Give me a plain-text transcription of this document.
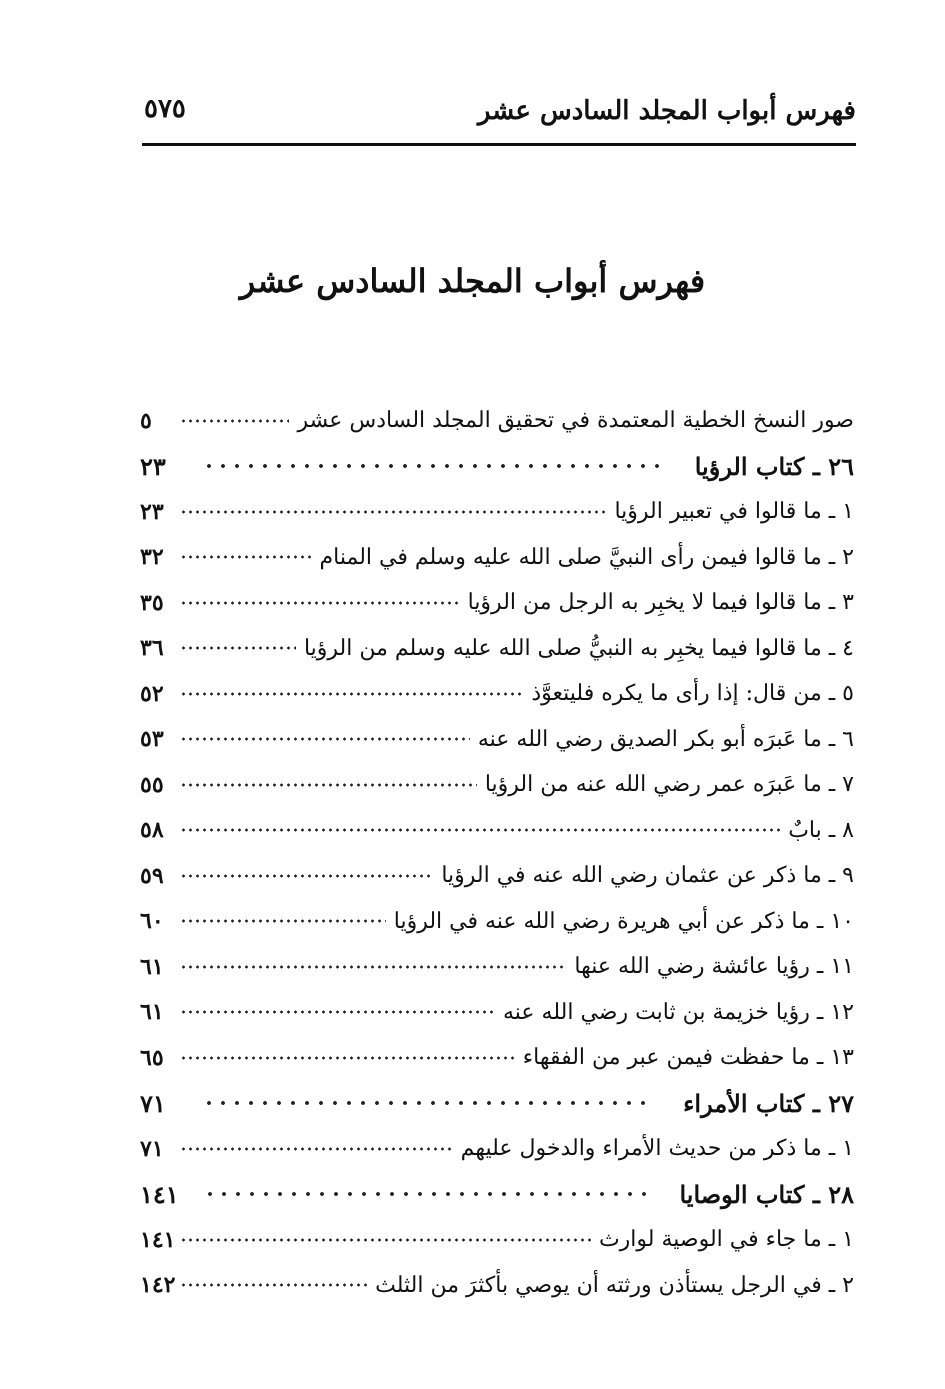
فهرس أبواب المجلد السادس عشر
٥٧٥
فهرس أبواب المجلد السادس عشر
صور النسخ الخطية المعتمدة في تحقيق المجلد السادس عشر
٥
٢٦ ـ كتاب الرؤيا
٢٣
١ ـ ما قالوا في تعبير الرؤيا
٢٣
٢ ـ ما قالوا فيمن رأى النبيَّ صلى الله عليه وسلم في المنام
٣٢
٣ ـ ما قالوا فيما لا يخبِر به الرجل من الرؤيا
٣٥
٤ ـ ما قالوا فيما يخبِر به النبيُّ صلى الله عليه وسلم من الرؤيا
٣٦
٥ ـ من قال: إذا رأى ما يكره فليتعوَّذ
٥٢
٦ ـ ما عَبرَه أبو بكر الصديق رضي الله عنه
٥٣
٧ ـ ما عَبرَه عمر رضي الله عنه من الرؤيا
٥٥
٨ ـ بابٌ
٥٨
٩ ـ ما ذكر عن عثمان رضي الله عنه في الرؤيا
٥٩
١٠ ـ ما ذكر عن أبي هريرة رضي الله عنه في الرؤيا
٦٠
١١ ـ رؤيا عائشة رضي الله عنها
٦١
١٢ ـ رؤيا خزيمة بن ثابت رضي الله عنه
٦١
١٣ ـ ما حفظت فيمن عبر من الفقهاء
٦٥
٢٧ ـ كتاب الأمراء
٧١
١ ـ ما ذكر من حديث الأمراء والدخول عليهم
٧١
٢٨ ـ كتاب الوصايا
١٤١
١ ـ ما جاء في الوصية لوارث
١٤١
٢ ـ في الرجل يستأذن ورثته أن يوصي بأكثرَ من الثلث
١٤٢
